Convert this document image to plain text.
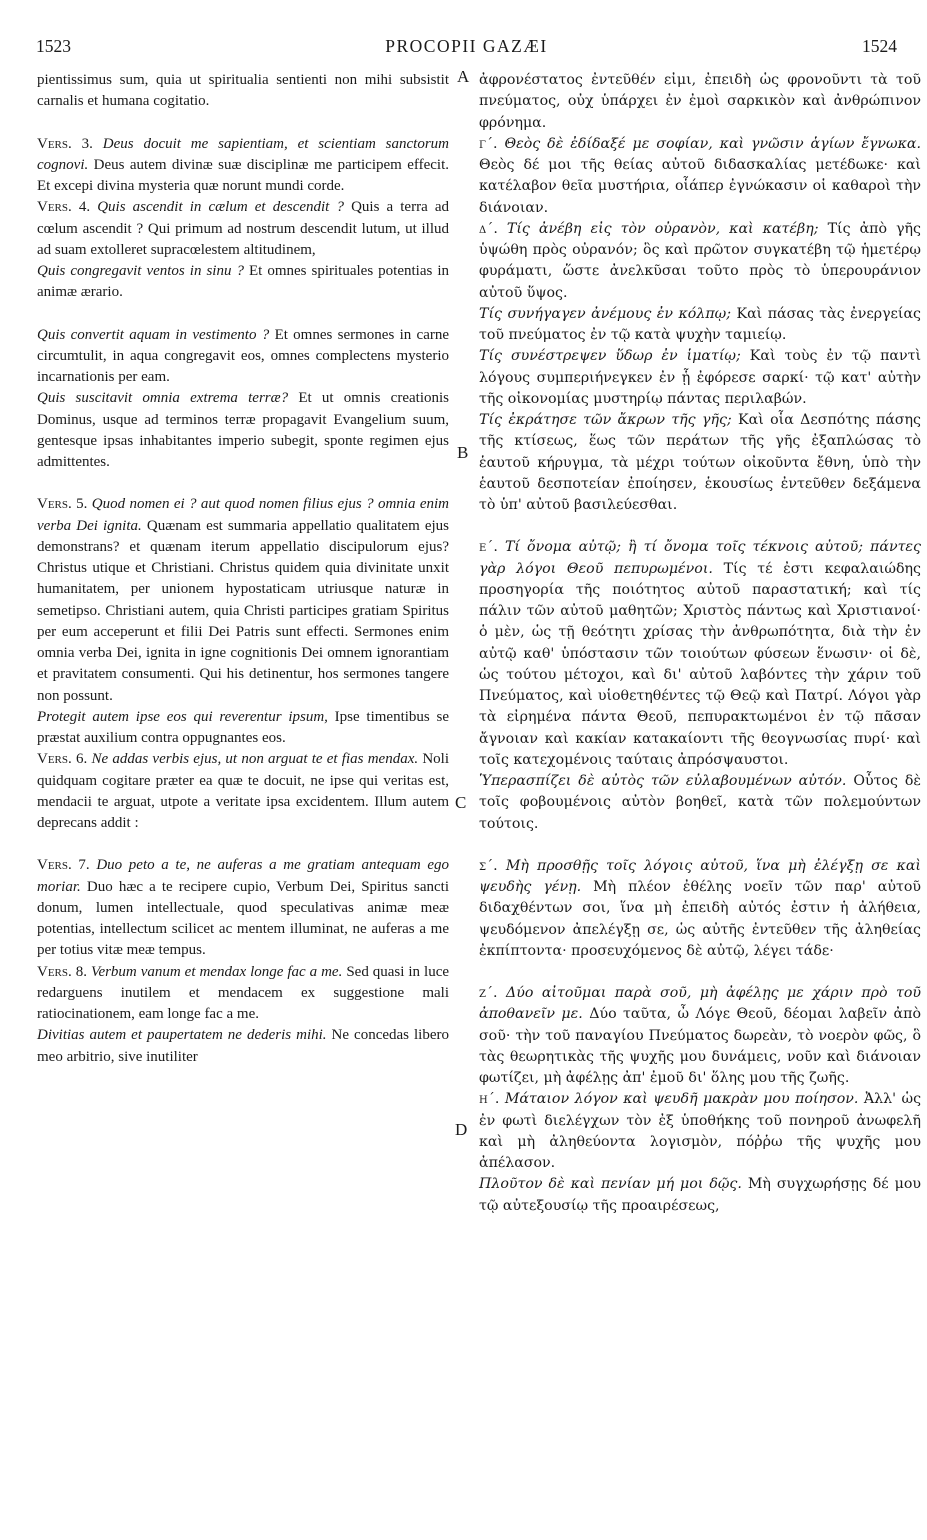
1523	PROCOPII GAZÆI	1524

pientissimus sum, quia ut spiritualia sentienti non mihi subsistit carnalis et humana cogitatio.

Vers. 3. Deus docuit me sapientiam, et scientiam sanctorum cognovi. Deus autem divinæ suæ disciplinæ me participem effecit. Et excepi divina mysteria quæ norunt mundi corde.

Vers. 4. Quis ascendit in cælum et descendit ? Quis a terra ad cœlum ascendit ? Qui primum ad nostrum descendit lutum, ut illud ad suam extolleret supracœlestem altitudinem,

Quis congregavit ventos in sinu ? Et omnes spirituales potentias in animæ ærario.

Quis convertit aquam in vestimento ? Et omnes sermones in carne circumtulit, in aqua congregavit eos, omnes complectens mysterio incarnationis per eam.

Quis suscitavit omnia extrema terræ? Et ut omnis creationis Dominus, usque ad terminos terræ propagavit Evangelium suum, gentesque ipsas inhabitantes imperio subegit, sponte regimen ejus admittentes.

Vers. 5. Quod nomen ei ? aut quod nomen filius ejus ? omnia enim verba Dei ignita. Quænam est summaria appellatio qualitatem ejus demonstrans? et quænam iterum appellatio discipulorum ejus? Christus utique et Christiani. Christus quidem quia divinitate unxit humanitatem, per unionem hypostaticam utriusque naturæ in semetipso. Christiani autem, quia Christi participes gratiam Spiritus per eum acceperunt et filii Dei Patris sunt effecti. Sermones enim omnia verba Dei, ignita in igne cognitionis Dei omnem ignorantiam et pravitatem consumenti. Qui his detinentur, hos sermones tangere non possunt.

Protegit autem ipse eos qui reverentur ipsum, Ipse timentibus se præstat auxilium contra oppugnantes eos.

Vers. 6. Ne addas verbis ejus, ut non arguat te et fias mendax. Noli quidquam cogitare præter ea quæ te docuit, ne ipse qui veritas est, mendacii te arguat, utpote a veritate ipsa excidentem. Illum autem deprecans addit :

Vers. 7. Duo peto a te, ne auferas a me gratiam antequam ego moriar. Duo hæc a te recipere cupio, Verbum Dei, Spiritus sancti donum, lumen intellectuale, quod speculativas animæ meæ potentias, intellectum scilicet ac mentem illuminat, ne auferas a me per totius vitæ meæ tempus.

Vers. 8. Verbum vanum et mendax longe fac a me. Sed quasi in luce redarguens inutilem et mendacem ex suggestione mali ratiocinationem, eam longe fac a me.

Divitias autem et paupertatem ne dederis mihi. Ne concedas libero meo arbitrio, sive inutiliter

ἀφρονέστατος ἐντεῦθέν εἰμι, ἐπειδὴ ὡς φρονοῦντι τὰ τοῦ πνεύματος, οὐχ ὑπάρχει ἐν ἐμοὶ σαρκικὸν καὶ ἀνθρώπινον φρόνημα.

γ΄. Θεὸς δὲ ἐδίδαξέ με σοφίαν, καὶ γνῶσιν ἁγίων ἔγνωκα. Θεὸς δέ μοι τῆς θείας αὐτοῦ διδασκαλίας μετέδωκε· καὶ κατέλαβον θεῖα μυστήρια, οἷάπερ ἐγνώκασιν οἱ καθαροὶ τὴν διάνοιαν.

δ΄. Τίς ἀνέβη εἰς τὸν οὐρανὸν, καὶ κατέβη; Τίς ἀπὸ γῆς ὑψώθη πρὸς οὐρανόν; ὃς καὶ πρῶτον συγκατέβη τῷ ἡμετέρῳ φυράματι, ὥστε ἀνελκῦσαι τοῦτο πρὸς τὸ ὑπερουράνιον αὐτοῦ ὕψος.

Τίς συνήγαγεν ἀνέμους ἐν κόλπῳ; Καὶ πάσας τὰς ἐνεργείας τοῦ πνεύματος ἐν τῷ κατὰ ψυχὴν ταμιείῳ.

Τίς συνέστρεψεν ὕδωρ ἐν ἱματίῳ; Καὶ τοὺς ἐν τῷ παντὶ λόγους συμπεριήνεγκεν ἐν ᾗ ἐφόρεσε σαρκί· τῷ κατ' αὐτὴν τῆς οἰκονομίας μυστηρίῳ πάντας περιλαβών.

Τίς ἐκράτησε τῶν ἄκρων τῆς γῆς; Καὶ οἷα Δεσπότης πάσης τῆς κτίσεως, ἕως τῶν περάτων τῆς γῆς ἐξαπλώσας τὸ ἑαυτοῦ κήρυγμα, τὰ μέχρι τούτων οἰκοῦντα ἔθνη, ὑπὸ τὴν ἑαυτοῦ δεσποτείαν ἐποίησεν, ἑκουσίως ἐντεῦθεν δεξάμενα τὸ ὑπ' αὐτοῦ βασιλεύεσθαι.

ε΄. Τί ὄνομα αὐτῷ; ἢ τί ὄνομα τοῖς τέκνοις αὐτοῦ; πάντες γὰρ λόγοι Θεοῦ πεπυρωμένοι. Τίς τέ ἐστι κεφαλαιώδης προσηγορία τῆς ποιότητος αὐτοῦ παραστατική; καὶ τίς πάλιν τῶν αὐτοῦ μαθητῶν; Χριστὸς πάντως καὶ Χριστιανοί· ὁ μὲν, ὡς τῇ θεότητι χρίσας τὴν ἀνθρωπότητα, διὰ τὴν ἐν αὐτῷ καθ' ὑπόστασιν τῶν τοιούτων φύσεων ἕνωσιν· οἱ δὲ, ὡς τούτου μέτοχοι, καὶ δι' αὐτοῦ λαβόντες τὴν χάριν τοῦ Πνεύματος, καὶ υἱοθετηθέντες τῷ Θεῷ καὶ Πατρί. Λόγοι γὰρ τὰ εἰρημένα πάντα Θεοῦ, πεπυρακτωμένοι ἐν τῷ πᾶσαν ἄγνοιαν καὶ κακίαν κατακαίοντι τῆς θεογνωσίας πυρί· καὶ τοῖς κατεχομένοις ταύταις ἀπρόσψαυστοι.

Ὑπερασπίζει δὲ αὐτὸς τῶν εὐλαβουμένων αὐτόν. Οὗτος δὲ τοῖς φοβουμένοις αὐτὸν βοηθεῖ, κατὰ τῶν πολεμούντων τούτοις.

ς΄. Μὴ προσθῇς τοῖς λόγοις αὐτοῦ, ἵνα μὴ ἐλέγξῃ σε καὶ ψευδὴς γένῃ. Μὴ πλέον ἐθέλης νοεῖν τῶν παρ' αὐτοῦ διδαχθέντων σοι, ἵνα μὴ ἐπειδὴ αὐτός ἐστιν ἡ ἀλήθεια, ψευδόμενον ἀπελέγξῃ σε, ὡς αὐτῆς ἐντεῦθεν τῆς ἀληθείας ἐκπίπτοντα· προσευχόμενος δὲ αὐτῷ, λέγει τάδε·

ζ΄. Δύο αἰτοῦμαι παρὰ σοῦ, μὴ ἀφέλῃς με χάριν πρὸ τοῦ ἀποθανεῖν με. Δύο ταῦτα, ὦ Λόγε Θεοῦ, δέομαι λαβεῖν ἀπὸ σοῦ· τὴν τοῦ παναγίου Πνεύματος δωρεὰν, τὸ νοερὸν φῶς, ὃ τὰς θεωρητικὰς τῆς ψυχῆς μου δυνάμεις, νοῦν καὶ διάνοιαν φωτίζει, μὴ ἀφέλῃς ἀπ' ἐμοῦ δι' ὅλης μου τῆς ζωῆς.

η΄. Μάταιον λόγον καὶ ψευδῆ μακρὰν μου ποίησον. Ἀλλ' ὡς ἐν φωτὶ διελέγχων τὸν ἐξ ὑποθήκης τοῦ πονηροῦ ἀνωφελῆ καὶ μὴ ἀληθεύοντα λογισμὸν, πόῤῥω τῆς ψυχῆς μου ἀπέλασον.

Πλοῦτον δὲ καὶ πενίαν μή μοι δῷς. Μὴ συγχωρήσῃς δέ μου τῷ αὐτεξουσίῳ τῆς προαιρέσεως,

A
B
C
D
